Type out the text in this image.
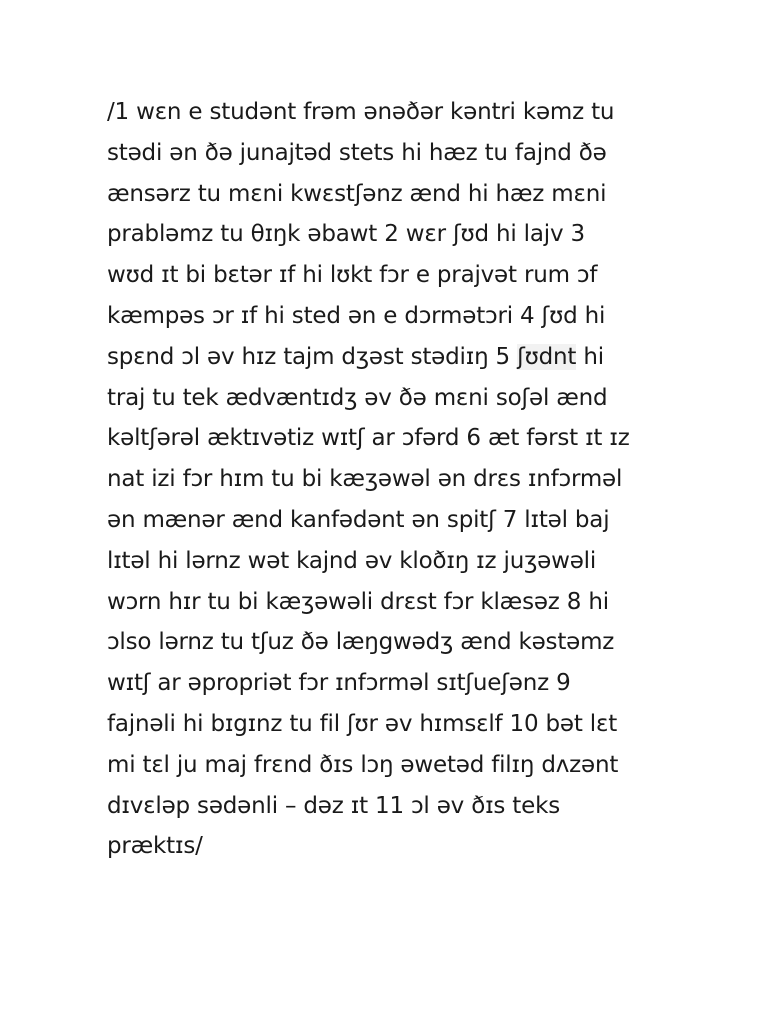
/1 wɛn e studənt frəm ənəðər kəntri kəmz tu
stədi ən ðə junajtəd stets hi hæz tu fajnd ðə
ænsərz tu mɛni kwɛstʃənz ænd hi hæz mɛni
prabləmz tu θɪŋk əbawt 2 wɛr ʃʊd hi lajv 3
wʊd ɪt bi bɛtər ɪf hi lʊkt fɔr e prajvət rum ɔf
kæmpəs ɔr ɪf hi sted ən e dɔrmətɔri 4 ʃʊd hi
spɛnd ɔl əv hɪz tajm dʒəst stədiɪŋ 5 ʃʊdnt hi
traj tu tek ædvæntɪdʒ əv ðə mɛni soʃəl ænd
kəltʃərəl æktɪvətiz wɪtʃ ar ɔfərd 6 æt fərst ɪt ɪz
nat izi fɔr hɪm tu bi kæʒəwəl ən drɛs ɪnfɔrməl
ən mænər ænd kanfədənt ən spitʃ 7 lɪtəl baj
lɪtəl hi lərnz wət kajnd əv kloðɪŋ ɪz juʒəwəli
wɔrn hɪr tu bi kæʒəwəli drɛst fɔr klæsəz 8 hi
ɔlso lərnz tu tʃuz ðə læŋgwədʒ ænd kəstəmz
wɪtʃ ar əpropriət fɔr ɪnfɔrməl sɪtʃueʃənz 9
fajnəli hi bɪgɪnz tu fil ʃʊr əv hɪmsɛlf 10 bət lɛt
mi tɛl ju maj frɛnd ðɪs lɔŋ əwetəd filɪŋ dʌzənt
dɪvɛləp sədənli – dəz ɪt 11 ɔl əv ðɪs teks
præktɪs/
